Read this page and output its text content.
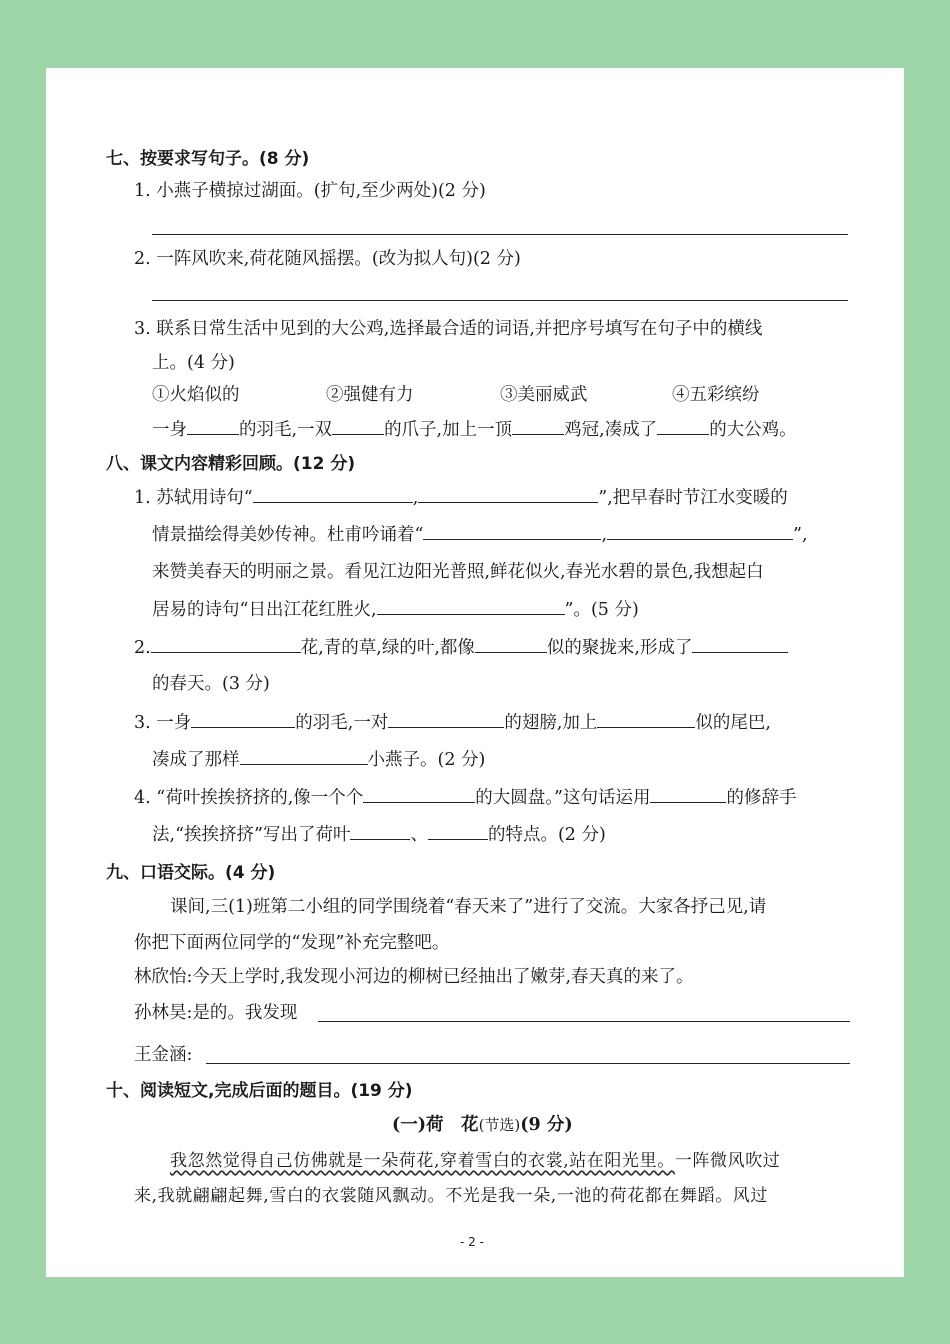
七、按要求写句子。(8 分)
1. 小燕子横掠过湖面。(扩句,至少两处)(2 分)
2. 一阵风吹来,荷花随风摇摆。(改为拟人句)(2 分)
3. 联系日常生活中见到的大公鸡,选择最合适的词语,并把序号填写在句子中的横线
上。(4 分)
①火焰似的	②强健有力	③美丽威武	④五彩缤纷
一身	的羽毛,一双	的爪子,加上一顶	鸡冠,凑成了	的大公鸡。
八、课文内容精彩回顾。(12 分)
1. 苏轼用诗句“	,	”,把早春时节江水变暖的
情景描绘得美妙传神。杜甫吟诵着“	,	”,
来赞美春天的明丽之景。看见江边阳光普照,鲜花似火,春光水碧的景色,我想起白
居易的诗句“日出江花红胜火,	”。(5 分)
2.	花,青的草,绿的叶,都像	似的聚拢来,形成了
的春天。(3 分)
3. 一身	的羽毛,一对	的翅膀,加上	似的尾巴,
凑成了那样	小燕子。(2 分)
4. “荷叶挨挨挤挤的,像一个个	的大圆盘。”这句话运用	的修辞手
法,“挨挨挤挤”写出了荷叶	、	的特点。(2 分)
九、口语交际。(4 分)
课间,三(1)班第二小组的同学围绕着“春天来了”进行了交流。大家各抒己见,请
你把下面两位同学的“发现”补充完整吧。
林欣怡:今天上学时,我发现小河边的柳树已经抽出了嫩芽,春天真的来了。
孙林昊:是的。我发现
王金涵:
十、阅读短文,完成后面的题目。(19 分)
(一)荷　花(节选)(9 分)
我忽然觉得自己仿佛就是一朵荷花,穿着雪白的衣裳,站在阳光里。一阵微风吹过
来,我就翩翩起舞,雪白的衣裳随风飘动。不光是我一朵,一池的荷花都在舞蹈。风过
- 2 -
